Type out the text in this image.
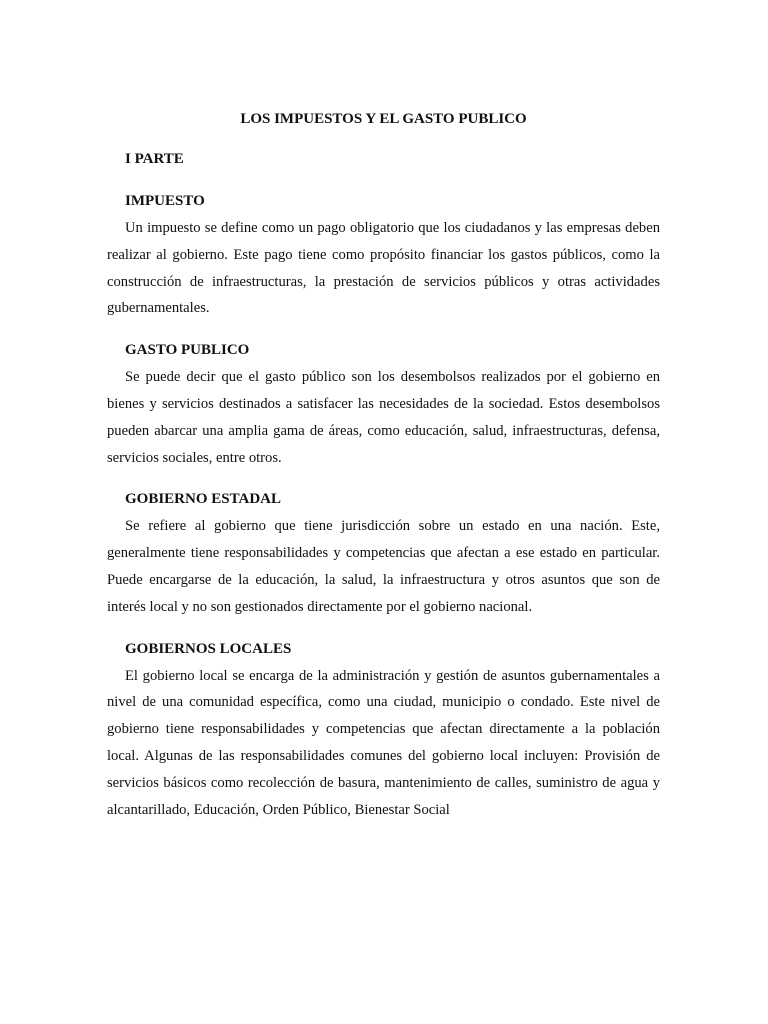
LOS IMPUESTOS Y EL GASTO PUBLICO
I PARTE
IMPUESTO

Un impuesto se define como un pago obligatorio que los ciudadanos y las empresas deben realizar al gobierno. Este pago tiene como propósito financiar los gastos públicos, como la construcción de infraestructuras, la prestación de servicios públicos y otras actividades gubernamentales.

GASTO PUBLICO

Se puede decir que el gasto público son los desembolsos realizados por el gobierno en bienes y servicios destinados a satisfacer las necesidades de la sociedad. Estos desembolsos pueden abarcar una amplia gama de áreas, como educación, salud, infraestructuras, defensa, servicios sociales, entre otros.

GOBIERNO ESTADAL

Se refiere al gobierno que tiene jurisdicción sobre un estado en una nación. Este, generalmente tiene responsabilidades y competencias que afectan a ese estado en particular. Puede encargarse de la educación, la salud, la infraestructura y otros asuntos que son de interés local y no son gestionados directamente por el gobierno nacional.

GOBIERNOS LOCALES

El gobierno local se encarga de la administración y gestión de asuntos gubernamentales a nivel de una comunidad específica, como una ciudad, municipio o condado. Este nivel de gobierno tiene responsabilidades y competencias que afectan directamente a la población local. Algunas de las responsabilidades comunes del gobierno local incluyen: Provisión de servicios básicos como recolección de basura, mantenimiento de calles, suministro de agua y alcantarillado, Educación, Orden Público, Bienestar Social
